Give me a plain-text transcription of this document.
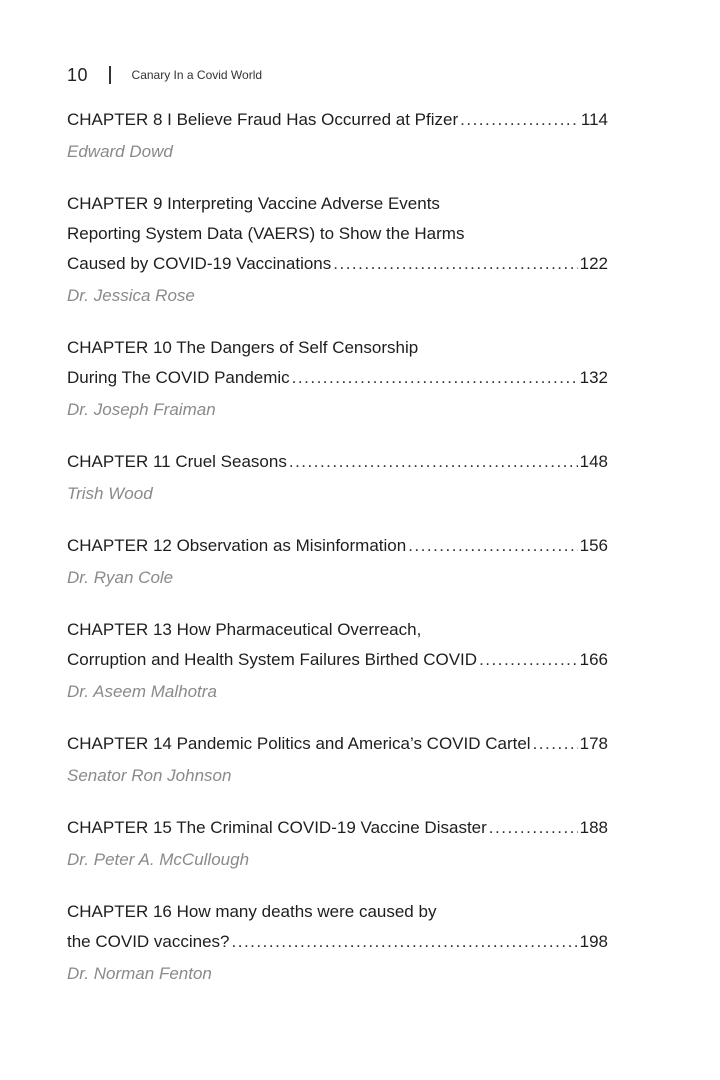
10	Canary In a Covid World
CHAPTER 8 I Believe Fraud Has Occurred at Pfizer .....	114
Edward Dowd
CHAPTER 9 Interpreting Vaccine Adverse Events
Reporting System Data (VAERS) to Show the Harms
Caused by COVID-19 Vaccinations .....	122
Dr. Jessica Rose
CHAPTER 10 The Dangers of Self Censorship
During The COVID Pandemic .....	132
Dr. Joseph Fraiman
CHAPTER 11 Cruel Seasons .....	148
Trish Wood
CHAPTER 12 Observation as Misinformation .....	156
Dr. Ryan Cole
CHAPTER 13 How Pharmaceutical Overreach,
Corruption and Health System Failures Birthed COVID .....	166
Dr. Aseem Malhotra
CHAPTER 14 Pandemic Politics and America’s COVID Cartel .....	178
Senator Ron Johnson
CHAPTER 15 The Criminal COVID-19 Vaccine Disaster .....	188
Dr. Peter A. McCullough
CHAPTER 16 How many deaths were caused by
the COVID vaccines? .....	198
Dr. Norman Fenton
